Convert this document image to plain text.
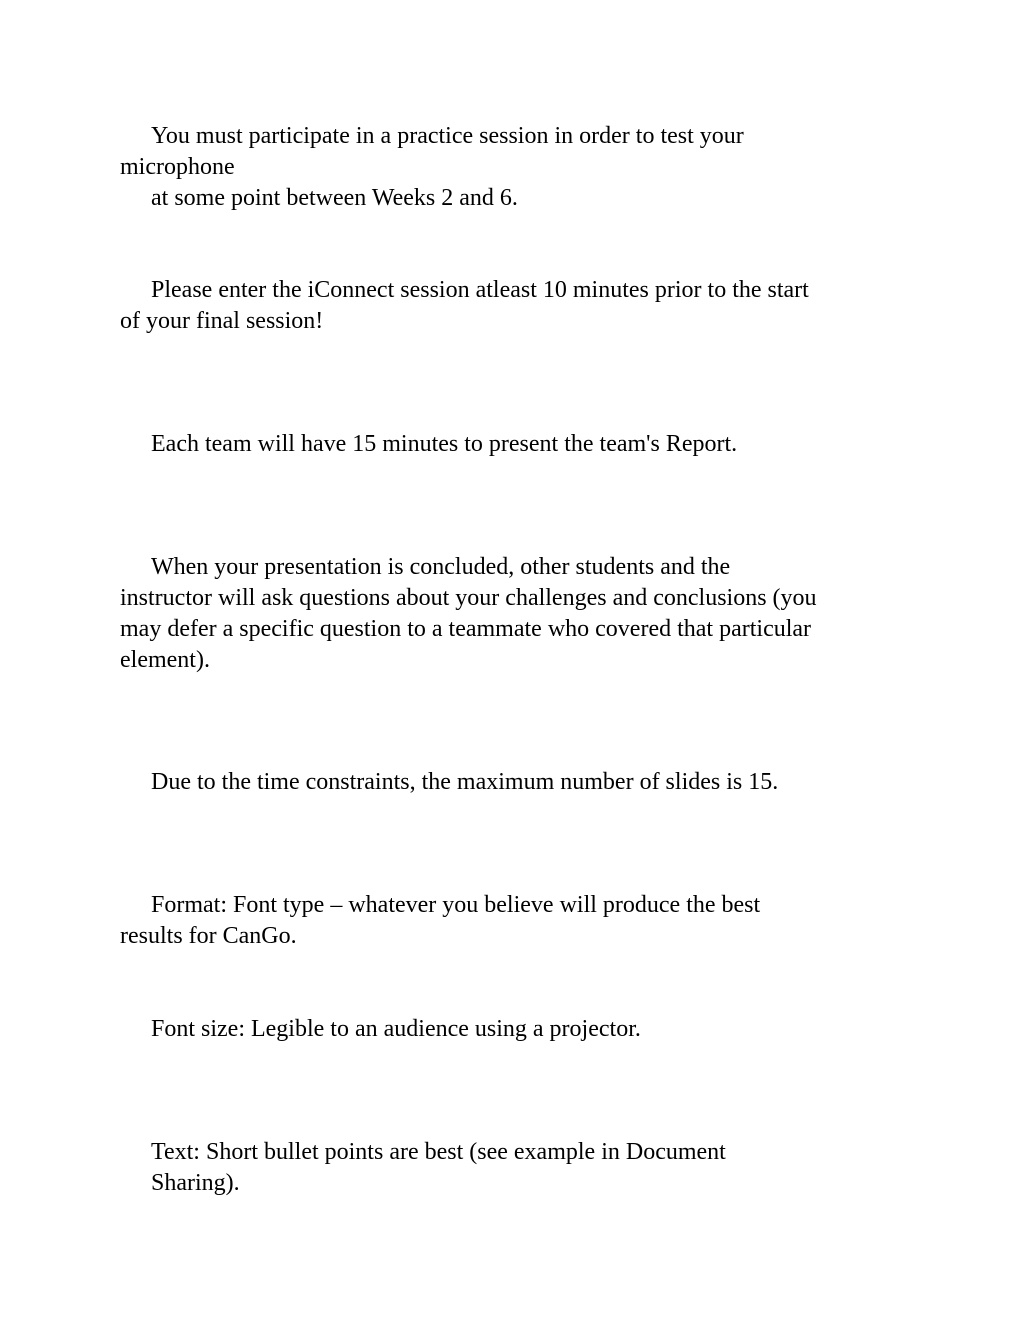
You must participate in a practice session in order to test your
microphone
at some point between Weeks 2 and 6.

Please enter the iConnect session atleast 10 minutes prior to the start
of your final session!

Each team will have 15 minutes to present the team's Report.

When your presentation is concluded, other students and the
instructor will ask questions about your challenges and conclusions (you
may defer a specific question to a teammate who covered that particular
element).

Due to the time constraints, the maximum number of slides is 15.

Format: Font type – whatever you believe will produce the best
results for CanGo.

Font size: Legible to an audience using a projector.

Text: Short bullet points are best (see example in Document
Sharing).
